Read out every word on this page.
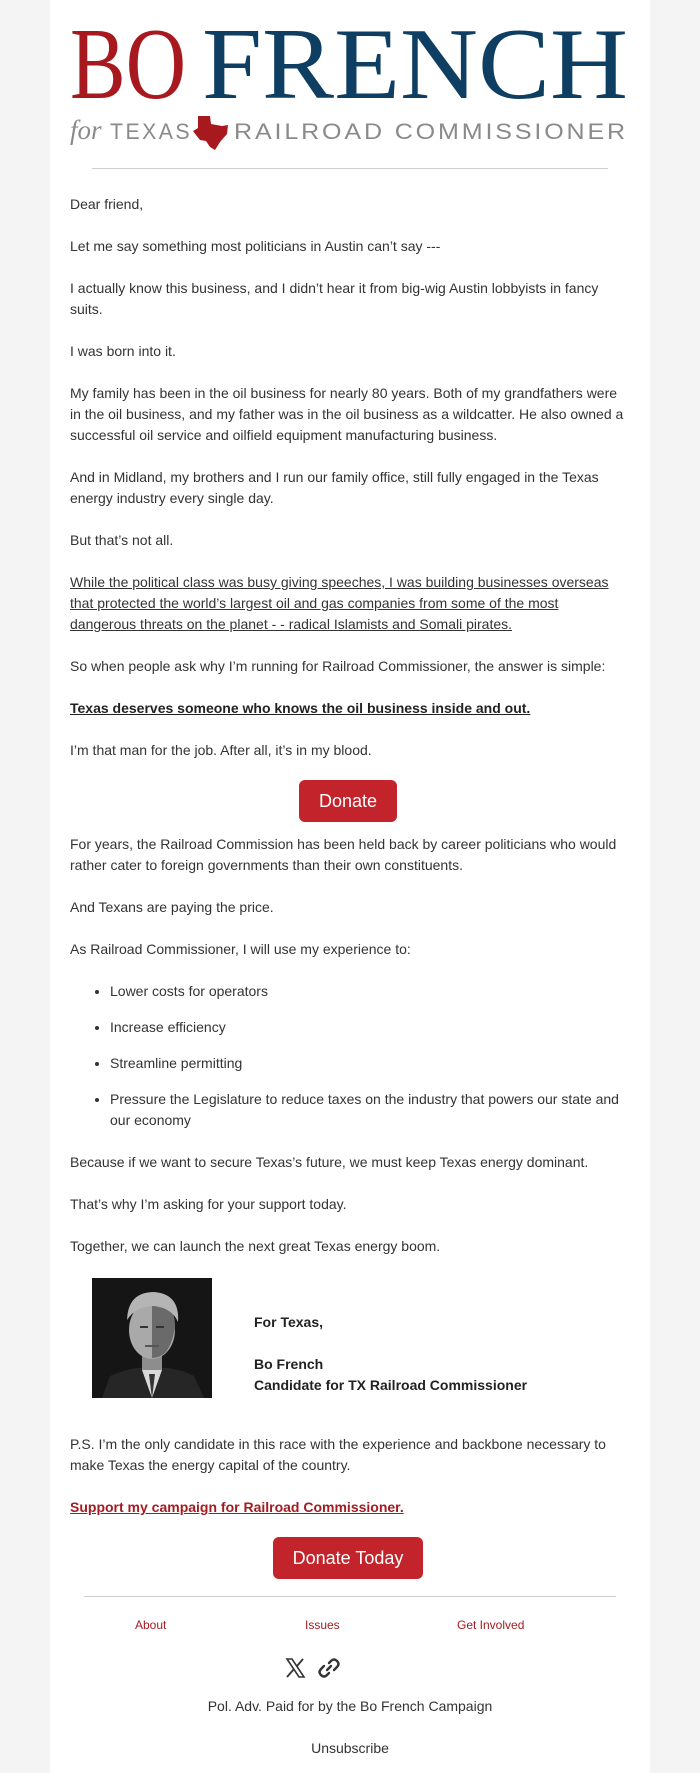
BO FRENCH
for TEXAS RAILROAD COMMISSIONER

Dear friend,

Let me say something most politicians in Austin can’t say ---

I actually know this business, and I didn’t hear it from big-wig Austin lobbyists in fancy suits.

I was born into it.

My family has been in the oil business for nearly 80 years. Both of my grandfathers were in the oil business, and my father was in the oil business as a wildcatter. He also owned a successful oil service and oilfield equipment manufacturing business.

And in Midland, my brothers and I run our family office, still fully engaged in the Texas energy industry every single day.

But that’s not all.

While the political class was busy giving speeches, I was building businesses overseas that protected the world’s largest oil and gas companies from some of the most dangerous threats on the planet - - radical Islamists and Somali pirates.

So when people ask why I’m running for Railroad Commissioner, the answer is simple:

Texas deserves someone who knows the oil business inside and out.

I’m that man for the job. After all, it’s in my blood.

Donate

For years, the Railroad Commission has been held back by career politicians who would rather cater to foreign governments than their own constituents.

And Texans are paying the price.

As Railroad Commissioner, I will use my experience to:

• Lower costs for operators
• Increase efficiency
• Streamline permitting
• Pressure the Legislature to reduce taxes on the industry that powers our state and our economy

Because if we want to secure Texas’s future, we must keep Texas energy dominant.

That’s why I’m asking for your support today.

Together, we can launch the next great Texas energy boom.

For Texas,
Bo French
Candidate for TX Railroad Commissioner

P.S. I’m the only candidate in this race with the experience and backbone necessary to make Texas the energy capital of the country.

Support my campaign for Railroad Commissioner.

Donate Today
About	Issues	Get Involved
Pol. Adv. Paid for by the Bo French Campaign
Unsubscribe
